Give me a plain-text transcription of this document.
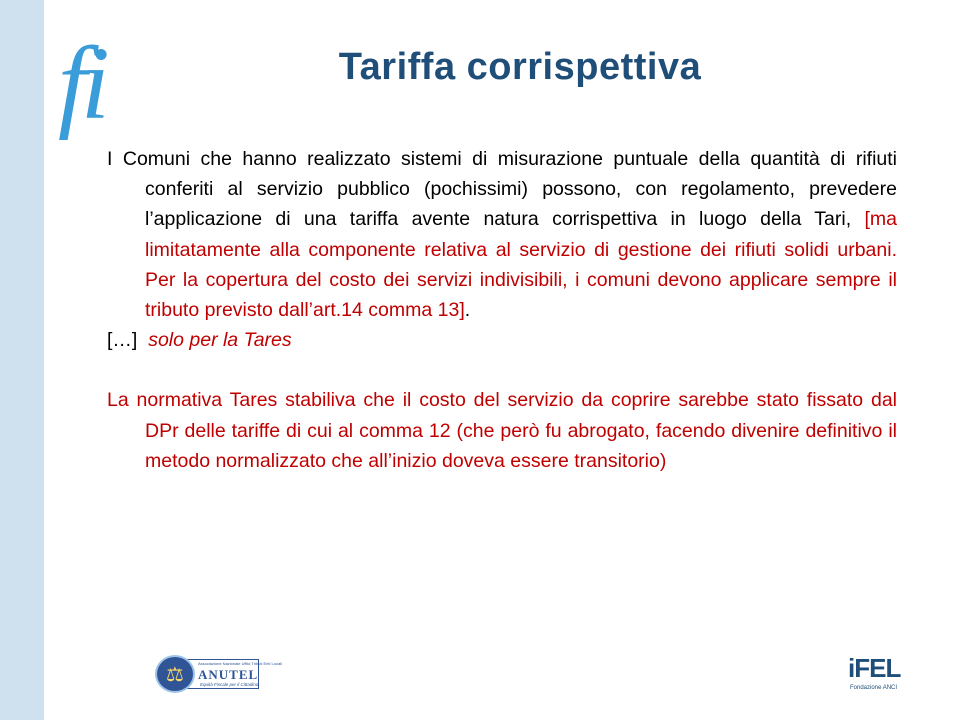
fi	Tariffa corrispettiva

I Comuni che hanno realizzato sistemi di misurazione puntuale della quantità di rifiuti conferiti al servizio pubblico (pochissimi) possono, con regolamento, prevedere l’applicazione di una tariffa avente natura corrispettiva in luogo della Tari, [ma limitatamente alla componente relativa al servizio di gestione dei rifiuti solidi urbani. Per la copertura del costo dei servizi indivisibili, i comuni devono applicare sempre il tributo previsto dall’art.14 comma 13].

[…] solo per la Tares

La normativa Tares stabiliva che il costo del servizio da coprire sarebbe stato fissato dal DPr delle tariffe di cui al comma 12 (che però fu abrogato, facendo divenire definitivo il metodo normalizzato che all’inizio doveva essere transitorio)

Associazione Nazionale Uffici Tributi Enti Locali
ANUTEL
Equità Fiscale per il Cittadino
⚖
iFEL
Fondazione ANCI
